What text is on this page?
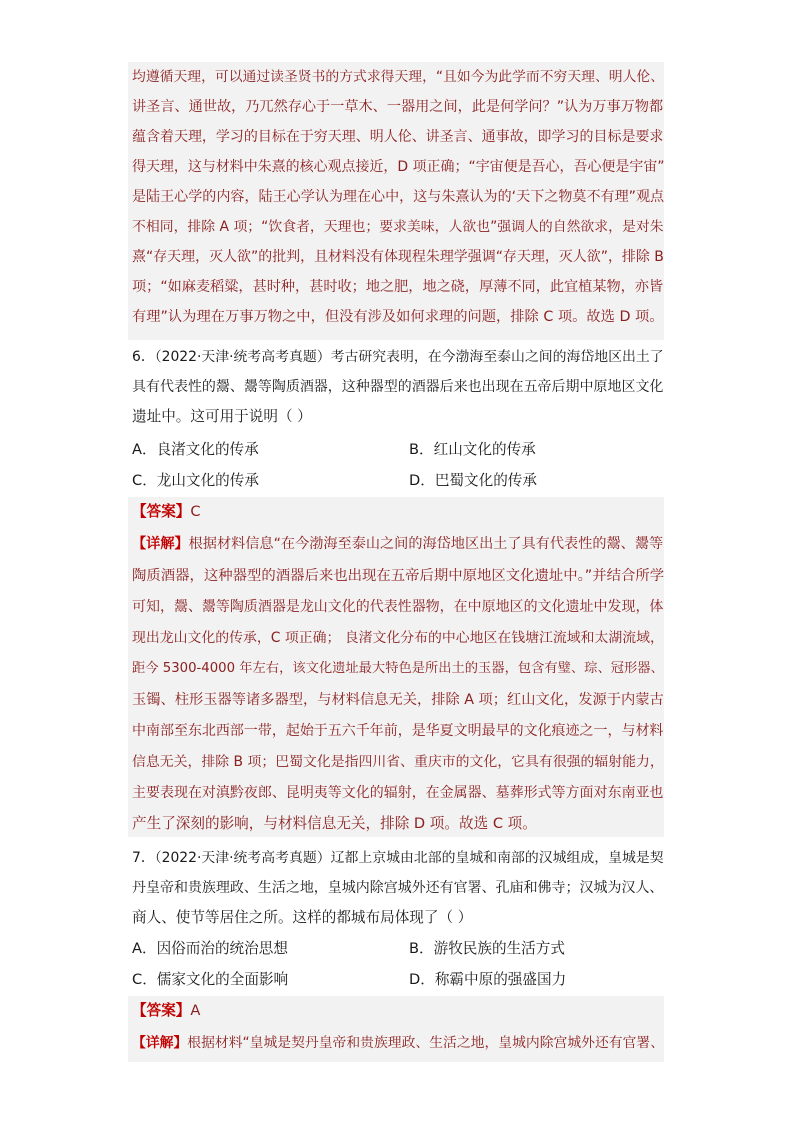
均遵循天理，可以通过读圣贤书的方式求得天理，“且如今为此学而不穷天理、明人伦、
讲圣言、通世故，乃兀然存心于一草木、一器用之间，此是何学问？”认为万事万物都
蕴含着天理，学习的目标在于穷天理、明人伦、讲圣言、通事故，即学习的目标是要求
得天理，这与材料中朱熹的核心观点接近，D 项正确；“宇宙便是吾心，吾心便是宇宙”
是陆王心学的内容，陆王心学认为理在心中，这与朱熹认为的‘天下之物莫不有理”观点
不相同，排除 A 项；“饮食者，天理也；要求美味，人欲也”强调人的自然欲求，是对朱
熹“存天理，灭人欲”的批判，且材料没有体现程朱理学强调“存天理，灭人欲”，排除 B
项；“如麻麦稻粱，甚时种，甚时收；地之肥，地之硗，厚薄不同，此宜植某物，亦皆
有理”认为理在万事万物之中，但没有涉及如何求理的问题，排除 C 项。故选 D 项。
6．（2022·天津·统考高考真题）考古研究表明，在今渤海至泰山之间的海岱地区出土了
具有代表性的鬶、鬹等陶质酒器，这种器型的酒器后来也出现在五帝后期中原地区文化
遗址中。这可用于说明（ ）
A．良渚文化的传承	B．红山文化的传承
C．龙山文化的传承	D．巴蜀文化的传承
【答案】C
【详解】根据材料信息“在今渤海至泰山之间的海岱地区出土了具有代表性的鬶、鬹等
陶质酒器，这种器型的酒器后来也出现在五帝后期中原地区文化遗址中。”并结合所学
可知，鬶、鬹等陶质酒器是龙山文化的代表性器物，在中原地区的文化遗址中发现，体
现出龙山文化的传承，C 项正确； 良渚文化分布的中心地区在钱塘江流域和太湖流域，
距今 5300-4000 年左右，该文化遗址最大特色是所出土的玉器，包含有璧、琮、冠形器、
玉镯、柱形玉器等诸多器型，与材料信息无关，排除 A 项；红山文化，发源于内蒙古
中南部至东北西部一带，起始于五六千年前，是华夏文明最早的文化痕迹之一，与材料
信息无关，排除 B 项；巴蜀文化是指四川省、重庆市的文化，它具有很强的辐射能力，
主要表现在对滇黔夜郎、昆明夷等文化的辐射，在金属器、墓葬形式等方面对东南亚也
产生了深刻的影响，与材料信息无关，排除 D 项。故选 C 项。
7．（2022·天津·统考高考真题）辽都上京城由北部的皇城和南部的汉城组成，皇城是契
丹皇帝和贵族理政、生活之地，皇城内除宫城外还有官署、孔庙和佛寺；汉城为汉人、
商人、使节等居住之所。这样的都城布局体现了（ ）
A．因俗而治的统治思想	B．游牧民族的生活方式
C．儒家文化的全面影响	D．称霸中原的强盛国力
【答案】A
【详解】根据材料“皇城是契丹皇帝和贵族理政、生活之地，皇城内除宫城外还有官署、
